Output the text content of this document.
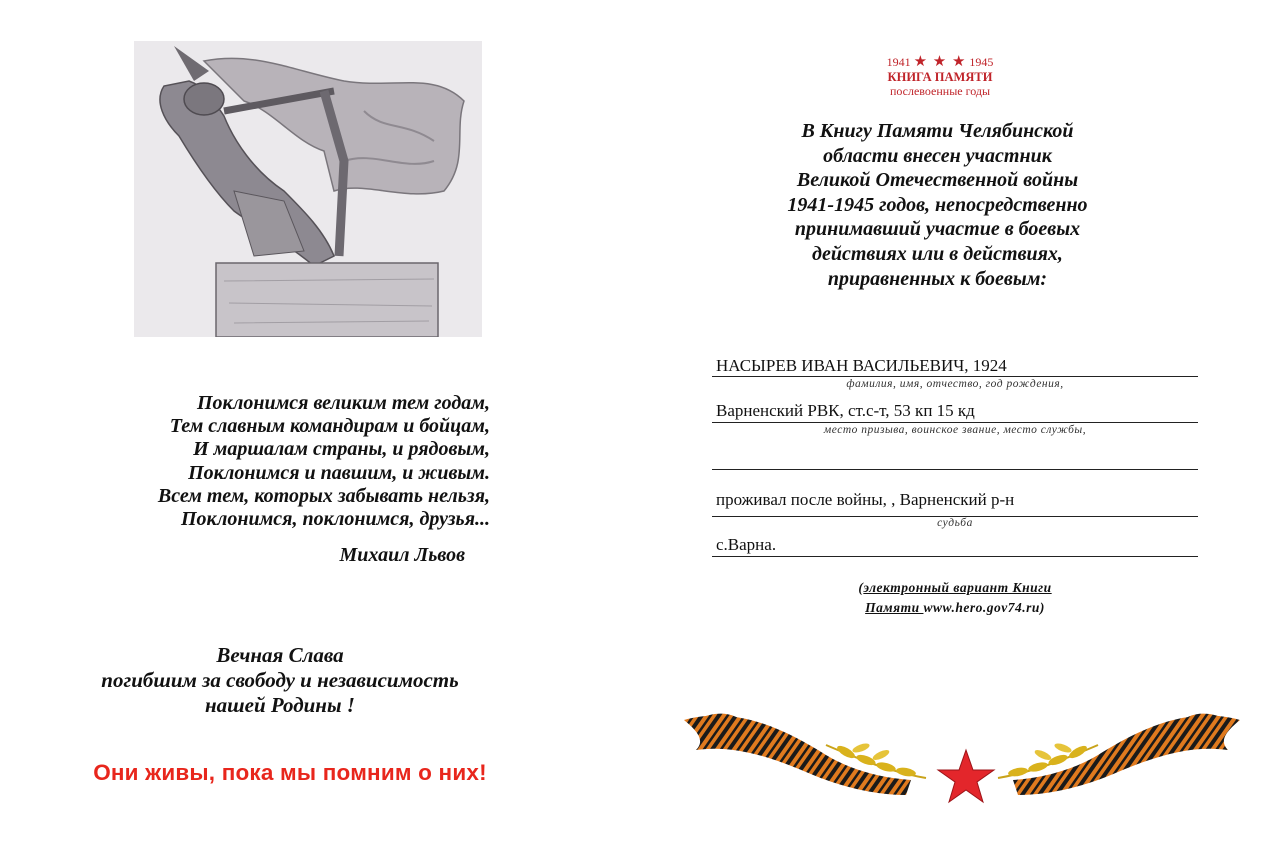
Поклонимся великим тем годам,
Тем славным командирам и бойцам,
И маршалам страны, и рядовым,
Поклонимся и павшим, и живым.
Всем тем, которых забывать нельзя,
Поклонимся, поклонимся, друзья...
Михаил Львов
Вечная Слава
погибшим за свободу и независимость
нашей Родины !
Они живы, пока мы помним о них!
1941 ★ ★ ★ 1945
КНИГА ПАМЯТИ
послевоенные годы
В Книгу Памяти Челябинской
области внесен участник
Великой Отечественной войны
1941-1945 годов, непосредственно
принимавший участие в боевых
действиях или в действиях,
приравненных к боевым:
НАСЫРЕВ ИВАН ВАСИЛЬЕВИЧ, 1924
фамилия, имя, отчество, год рождения,
Варненский РВК, ст.с-т, 53 кп 15 кд
место призыва, воинское звание, место службы,
проживал после войны, , Варненский р-н
судьба
с.Варна.
(электронный вариант Книги
Памяти www.hero.gov74.ru)
